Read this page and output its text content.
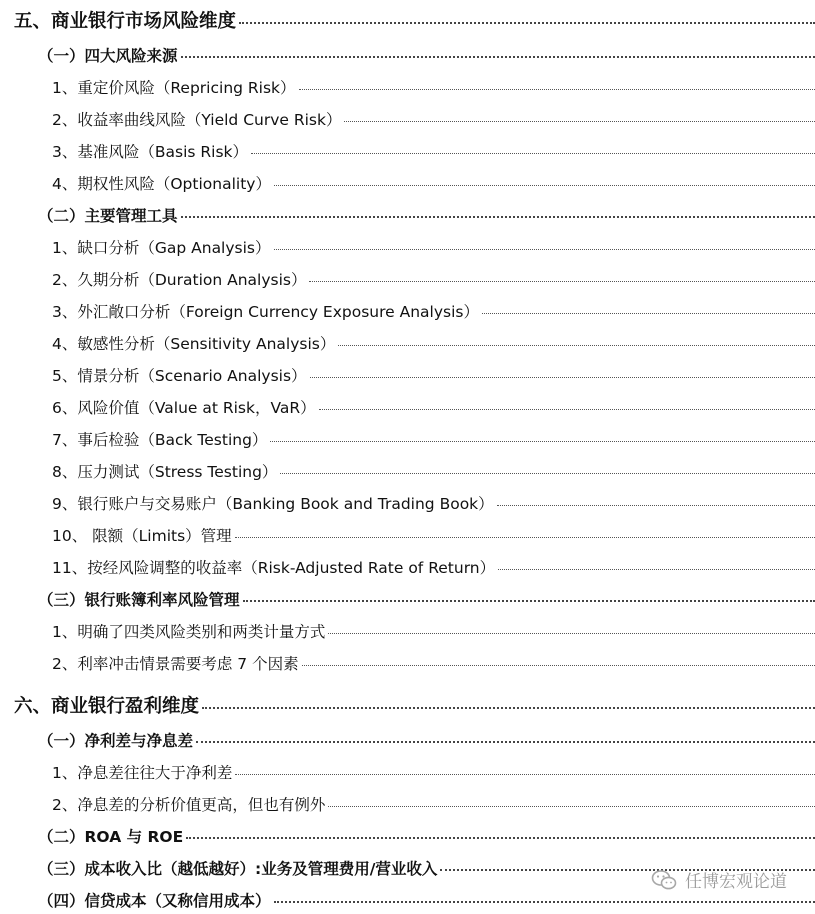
五、商业银行市场风险维度
（一）四大风险来源
1、重定价风险（Repricing Risk）
2、收益率曲线风险（Yield Curve Risk）
3、基准风险（Basis Risk）
4、期权性风险（Optionality）
（二）主要管理工具
1、缺口分析（Gap Analysis）
2、久期分析（Duration Analysis）
3、外汇敞口分析（Foreign Currency Exposure Analysis）
4、敏感性分析（Sensitivity Analysis）
5、情景分析（Scenario Analysis）
6、风险价值（Value at Risk，VaR）
7、事后检验（Back Testing）
8、压力测试（Stress Testing）
9、银行账户与交易账户（Banking Book and Trading Book）
10、 限额（Limits）管理
11、按经风险调整的收益率（Risk-Adjusted Rate of Return）
（三）银行账簿利率风险管理
1、明确了四类风险类别和两类计量方式
2、利率冲击情景需要考虑 7 个因素
六、商业银行盈利维度
（一）净利差与净息差
1、净息差往往大于净利差
2、净息差的分析价值更高，但也有例外
（二）ROA 与 ROE
（三）成本收入比（越低越好）:业务及管理费用/营业收入
（四）信贷成本（又称信用成本）
任博宏观论道
